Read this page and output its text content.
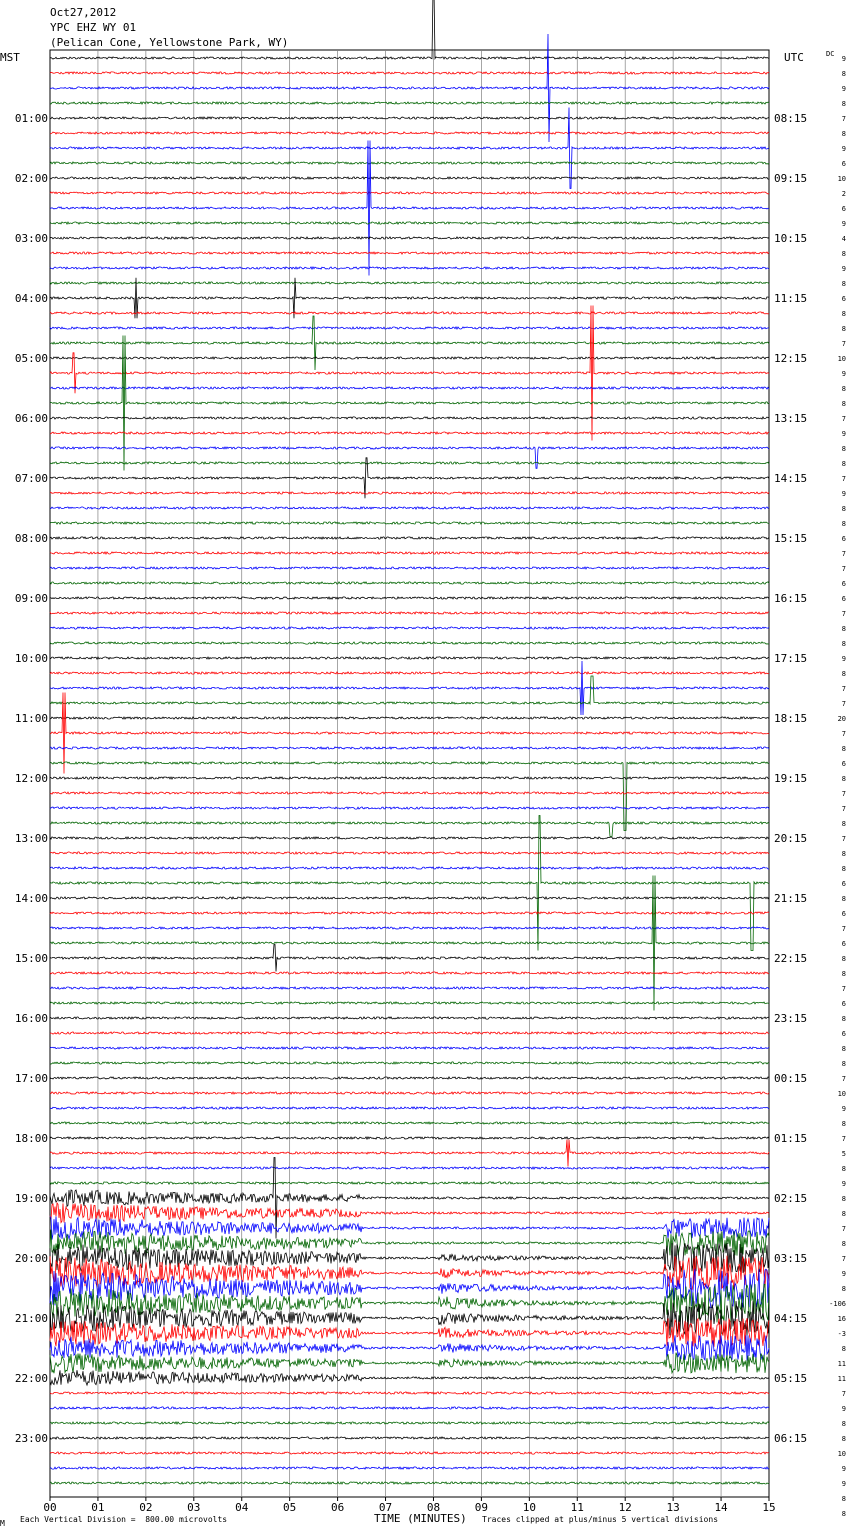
Oct27,2012
YPC EHZ WY 01
(Pelican Cone, Yellowstone Park, WY)
MST	UTC	DC
01:00	08:15
02:00	09:15
03:00	10:15
04:00	11:15
05:00	12:15
06:00	13:15
07:00	14:15
08:00	15:15
09:00	16:15
10:00	17:15
11:00	18:15
12:00	19:15
13:00	20:15
14:00	21:15
15:00	22:15
16:00	23:15
17:00	00:15
18:00	01:15
19:00	02:15
20:00	03:15
21:00	04:15
22:00	05:15
23:00	06:15
9
8
9
8
7
8
9
6
10
2
6
9
4
8
9
8
6
8
8
7
10
9
8
8
7
9
8
8
7
9
8
8
6
7
7
6
6
7
8
8
9
8
7
7
20
7
8
6
8
7
7
8
7
8
8
6
8
6
7
6
8
8
7
6
8
6
8
8
7
10
9
8
7
5
8
9
8
8
7
8
7
9
8
-106
16
-3
8
11
11
7
9
8
8
10
9
9
8
8
00	01	02	03	04	05	06	07	08	09	10	11	12	13	14	15
M Each Vertical Division =  800.00 microvolts	TIME (MINUTES) Traces clipped at plus/minus 5 vertical divisions
